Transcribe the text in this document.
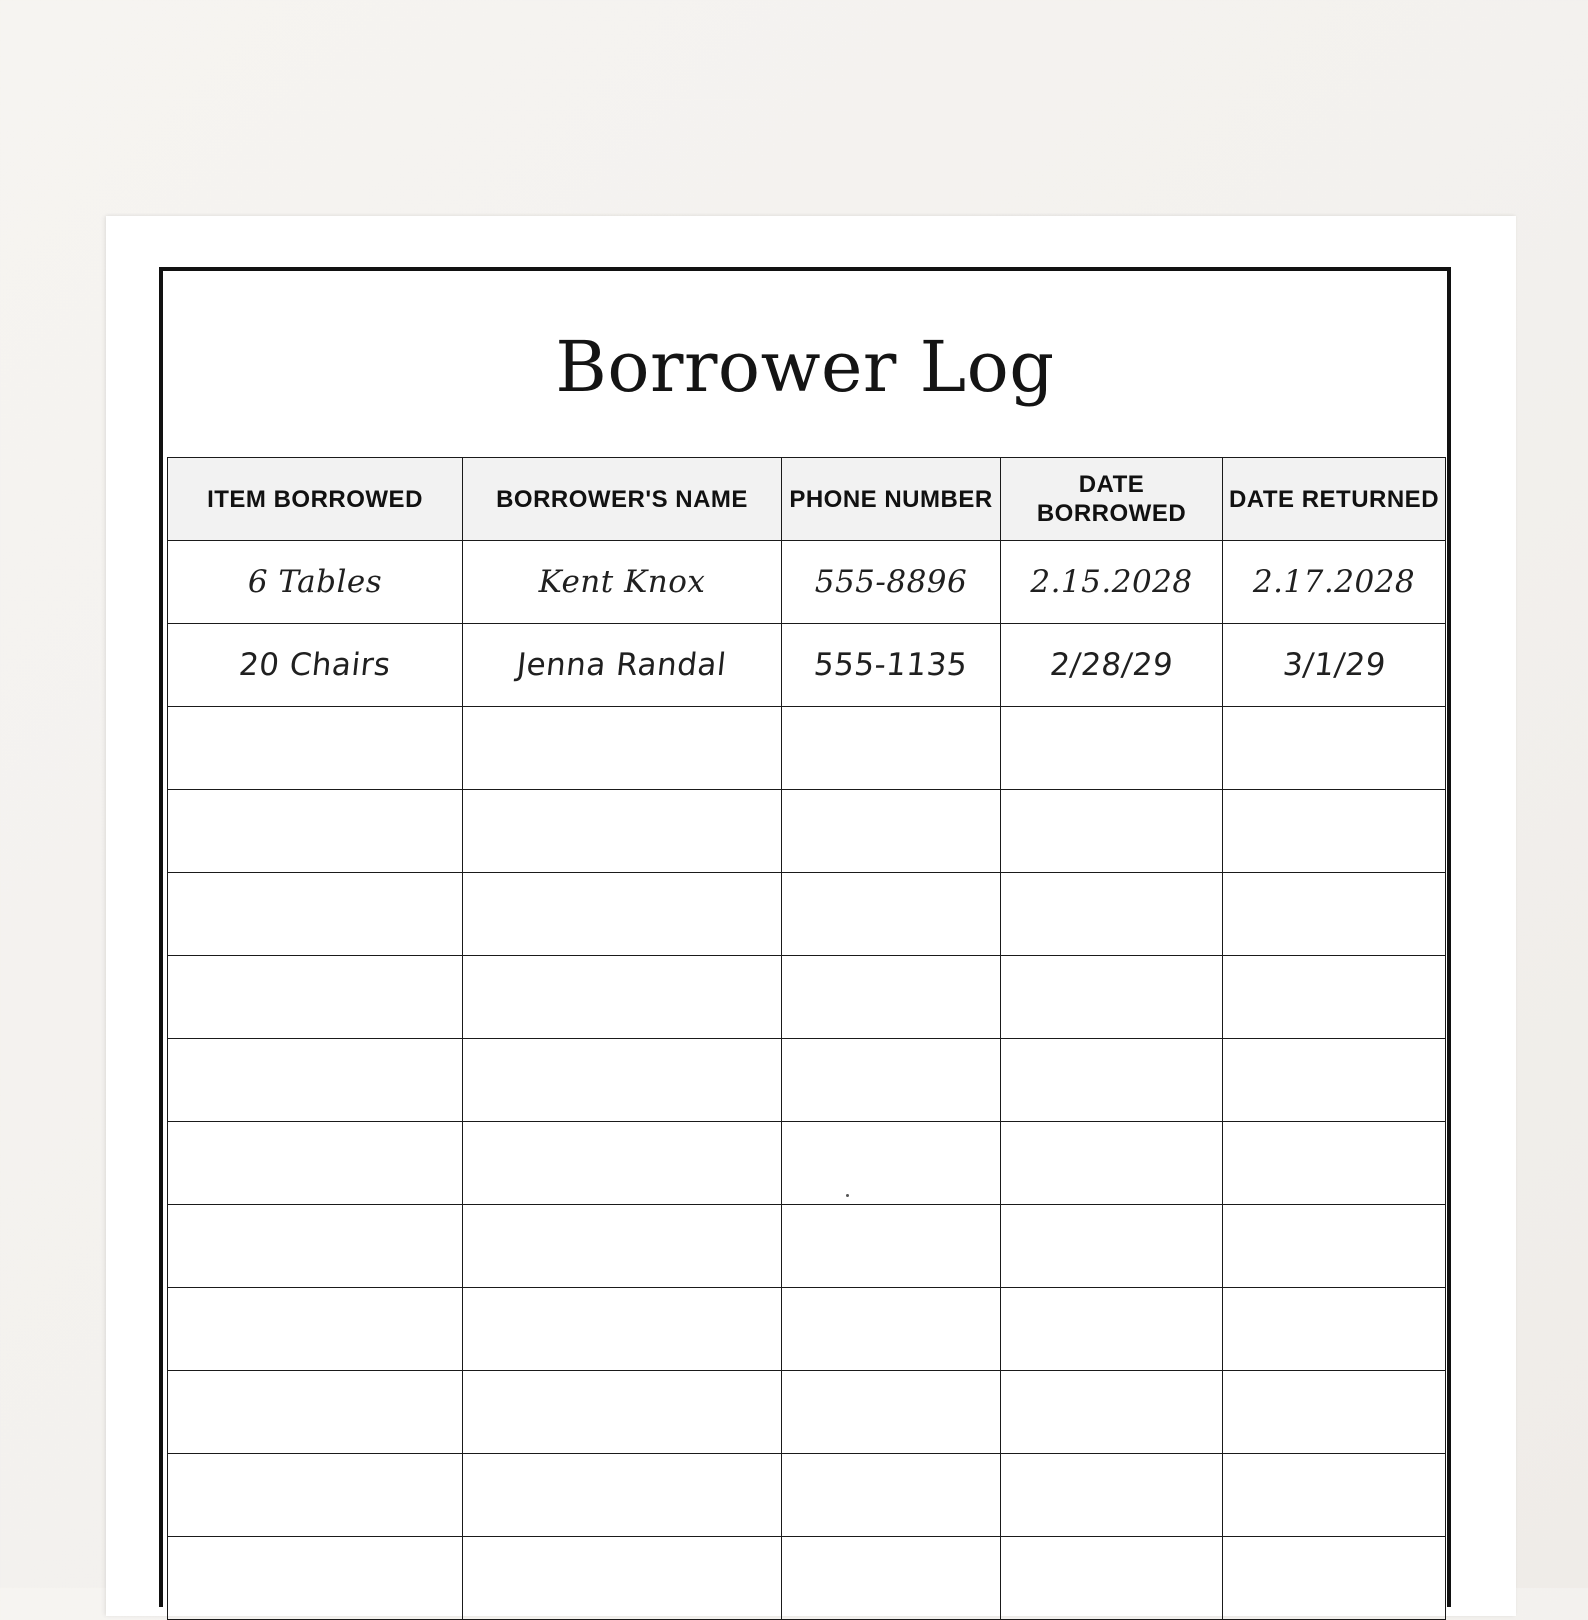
Borrower Log
ITEM BORROWED	BORROWER'S NAME	PHONE NUMBER	DATE BORROWED	DATE RETURNED
6 Tables	Kent Knox	555-8896	2.15.2028	2.17.2028
20 Chairs	Jenna Randal	555-1135	2/28/29	3/1/29
